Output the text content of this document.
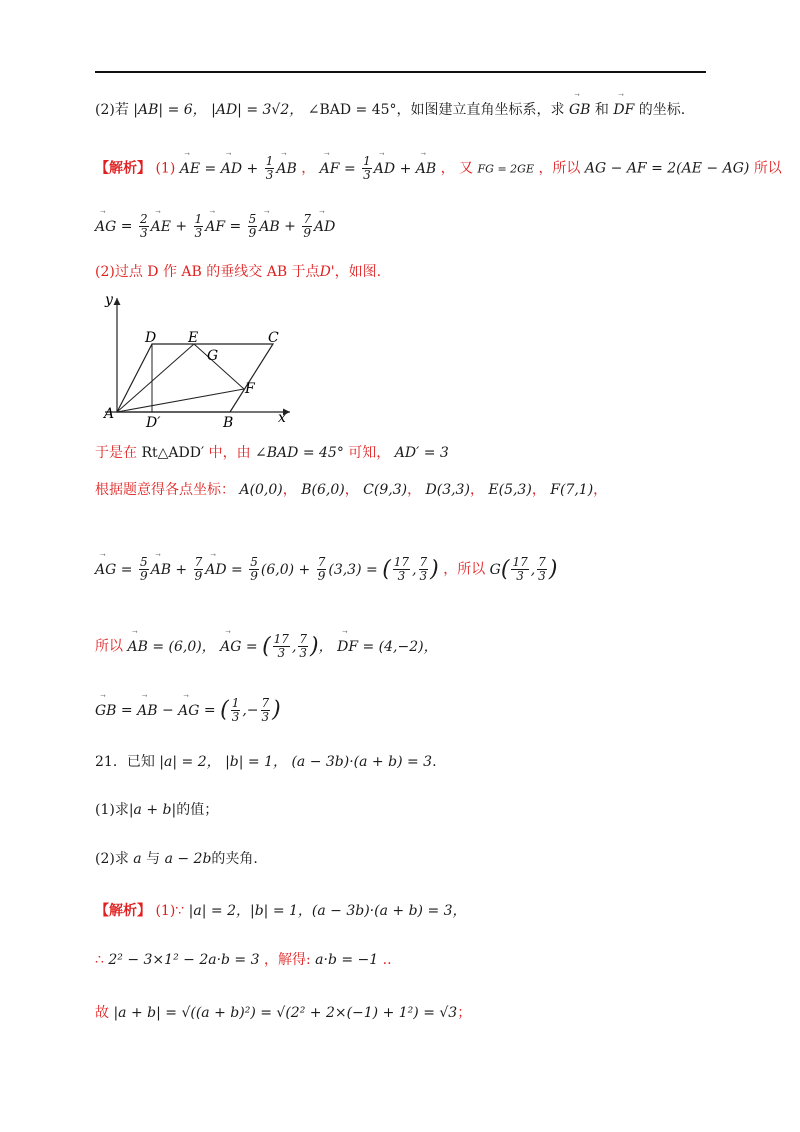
(2)若 |AB| = 6， |AD| = 3√2， ∠BAD = 45°，如图建立直角坐标系，求 ⃗ GB 和 ⃗ DF 的坐标.
【解析】 (1) ⃗ AE = ⃗ AD + $\frac{1}{3}$ ⃗ AB ， ⃗ AF = $\frac{1}{3}$ ⃗ AD + ⃗ AB ， 又 FG = 2GE ，所以 AG − AF = 2(AE − AG) 所以
⃗ AG = $\frac{2}{3}$ ⃗ AE + $\frac{1}{3}$ ⃗ AF = $\frac{5}{9}$ ⃗ AB + $\frac{7}{9}$ ⃗ AD
(2)过点 D 作 AB 的垂线交 AB 于点D'，如图.
A
B
C
D E
F
G
D′	x
y
于是在 Rt△ADD′ 中，由 ∠BAD = 45° 可知， AD′ = 3
根据题意得各点坐标： A(0,0)， B(6,0)， C(9,3)， D(3,3)， E(5,3)， F(7,1)，
⃗ AG = $\frac{5}{9}$ ⃗ AB + $\frac{7}{9}$ ⃗ AD = $\frac{5}{9} (6,0) + \frac{7}{9} (3,3)$ = ( $\frac{17}{3}$ , $\frac{7}{3}$ ) ，所以 $G( \frac{17}{3}$ , $\frac{7}{3}$ )
所以 ⃗ AB = (6,0)， ⃗ AG = ( $\frac{17}{3}$ , $\frac{7}{3}$ )， ⃗ DF = (4,−2)，
⃗ GB = ⃗ AB − ⃗ AG = ( $\frac{1}{3}$ ,− $\frac{7}{3}$ )
21．已知 |a| = 2， |b| = 1， (a − 3b)·(a + b) = 3.
(1)求|a + b|的值；
(2)求 a 与 a − 2b的夹角.
【解析】 (1)∵ |a| = 2，|b| = 1，(a − 3b)·(a + b) = 3，
∴ 2² − 3×1² − 2a·b = 3 ，解得: a·b = −1 ..
故 |a + b| = √((a + b)²) = √(2² + 2×(−1) + 1²) = √3；
